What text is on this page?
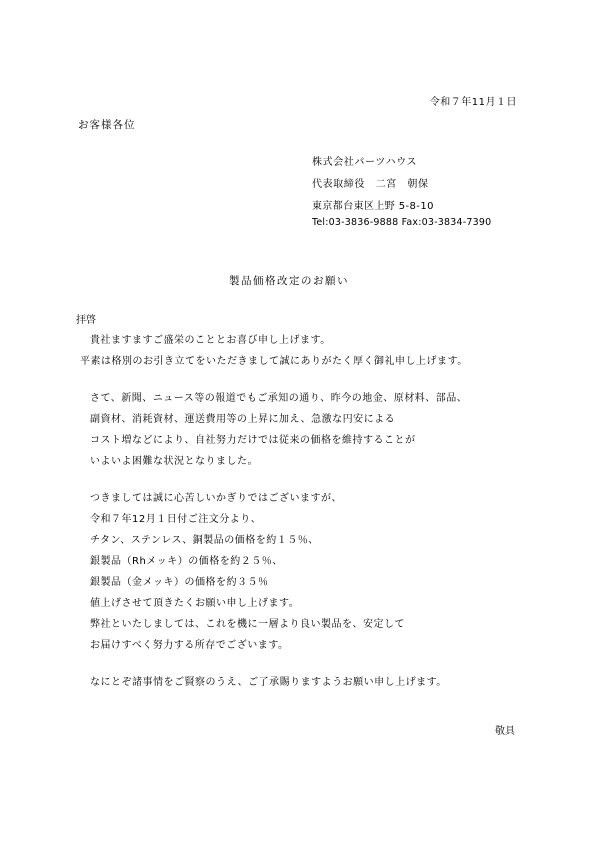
令和７年11月１日
お客様各位
株式会社パーツハウス
代表取締役　二宮　朝保
東京都台東区上野 5-8-10
Tel:03-3836-9888 Fax:03-3834-7390
製品価格改定のお願い
拝啓
貴社ますますご盛栄のこととお喜び申し上げます。
平素は格別のお引き立てをいただきまして誠にありがたく厚く御礼申し上げます。
さて、新聞、ニュース等の報道でもご承知の通り、昨今の地金、原材料、部品、
副資材、消耗資材、運送費用等の上昇に加え、急激な円安による
コスト増などにより、自社努力だけでは従来の価格を維持することが
いよいよ困難な状況となりました。
つきましては誠に心苦しいかぎりではございますが、
令和７年12月１日付ご注文分より、
チタン、ステンレス、銅製品の価格を約１５％、
銀製品（Rhメッキ）の価格を約２５％、
銀製品（金メッキ）の価格を約３５％
値上げさせて頂きたくお願い申し上げます。
弊社といたしましては、これを機に一層より良い製品を、安定して
お届けすべく努力する所存でございます。
なにとぞ諸事情をご賢察のうえ、ご了承賜りますようお願い申し上げます。
敬具
